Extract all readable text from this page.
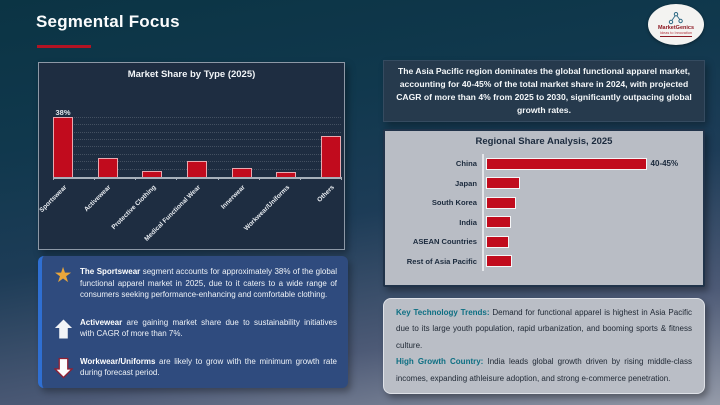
Segmental Focus	MarketGenics
Ideas to Innovation
Market Share by Type (2025)
38%
Sportswear Activewear
Protective Clothing
Medical Functional Wear	Innerwear
Workwear/Uniforms	Others

The Asia Pacific region dominates the global functional apparel market, accounting for 40-45% of the total market share in 2024, with projected CAGR of more than 4% from 2025 to 2030, significantly outpacing global growth rates.

Regional Share Analysis, 2025
China	40-45%
Japan
South Korea
India
ASEAN Countries
Rest of Asia Pacific
★ The Sportswear segment accounts for approximately 38% of the global functional apparel market in 2025, due to it caters to a wide range of consumers seeking performance-enhancing and comfortable clothing.

Activewear are gaining market share due to sustainability initiatives with CAGR of more than 7%.

Workwear/Uniforms are likely to grow with the minimum growth rate during forecast period.

Key Technology Trends: Demand for functional apparel is highest in Asia Pacific due to its large youth population, rapid urbanization, and booming sports & fitness culture.

High Growth Country: India leads global growth driven by rising middle-class incomes, expanding athleisure adoption, and strong e-commerce penetration.
